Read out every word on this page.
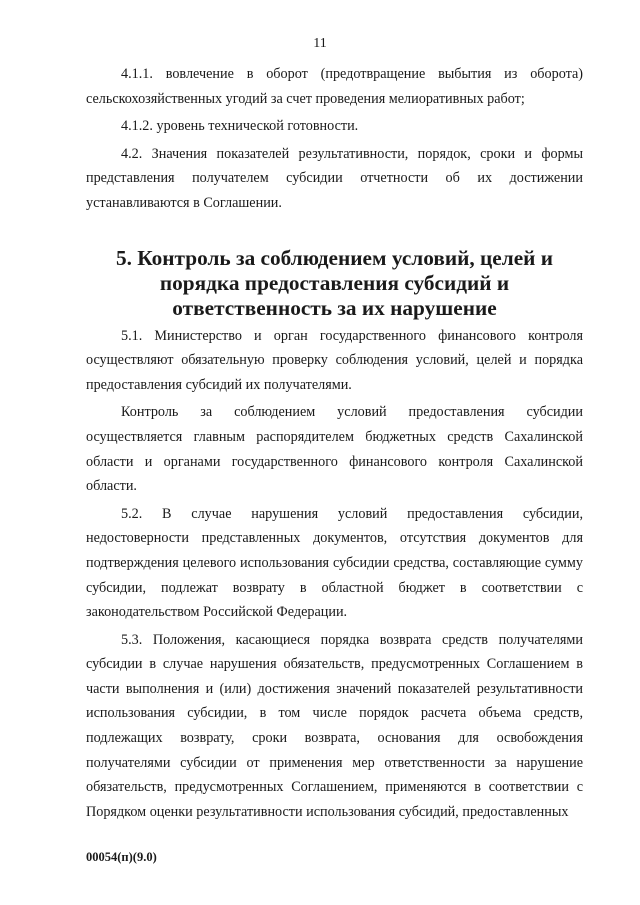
11

4.1.1. вовлечение в оборот (предотвращение выбытия из оборота) сельскохозяйственных угодий за счет проведения мелиоративных работ;

4.1.2. уровень технической готовности.

4.2. Значения показателей результативности, порядок, сроки и формы представления получателем субсидии отчетности об их достижении устанавливаются в Соглашении.

5. Контроль за соблюдением условий, целей и порядка предоставления субсидий и ответственность за их нарушение

5.1. Министерство и орган государственного финансового контроля осуществляют обязательную проверку соблюдения условий, целей и порядка предоставления субсидий их получателями.

Контроль за соблюдением условий предоставления субсидии осуществляется главным распорядителем бюджетных средств Сахалинской области и органами государственного финансового контроля Сахалинской области.

5.2. В случае нарушения условий предоставления субсидии, недостоверности представленных документов, отсутствия документов для подтверждения целевого использования субсидии средства, составляющие сумму субсидии, подлежат возврату в областной бюджет в соответствии с законодательством Российской Федерации.

5.3. Положения, касающиеся порядка возврата средств получателями субсидии в случае нарушения обязательств, предусмотренных Соглашением в части выполнения и (или) достижения значений показателей результативности использования субсидии, в том числе порядок расчета объема средств, подлежащих возврату, сроки возврата, основания для освобождения получателями субсидии от применения мер ответственности за нарушение обязательств, предусмотренных Соглашением, применяются в соответствии с Порядком оценки результативности использования субсидий, предоставленных

00054(п)(9.0)
